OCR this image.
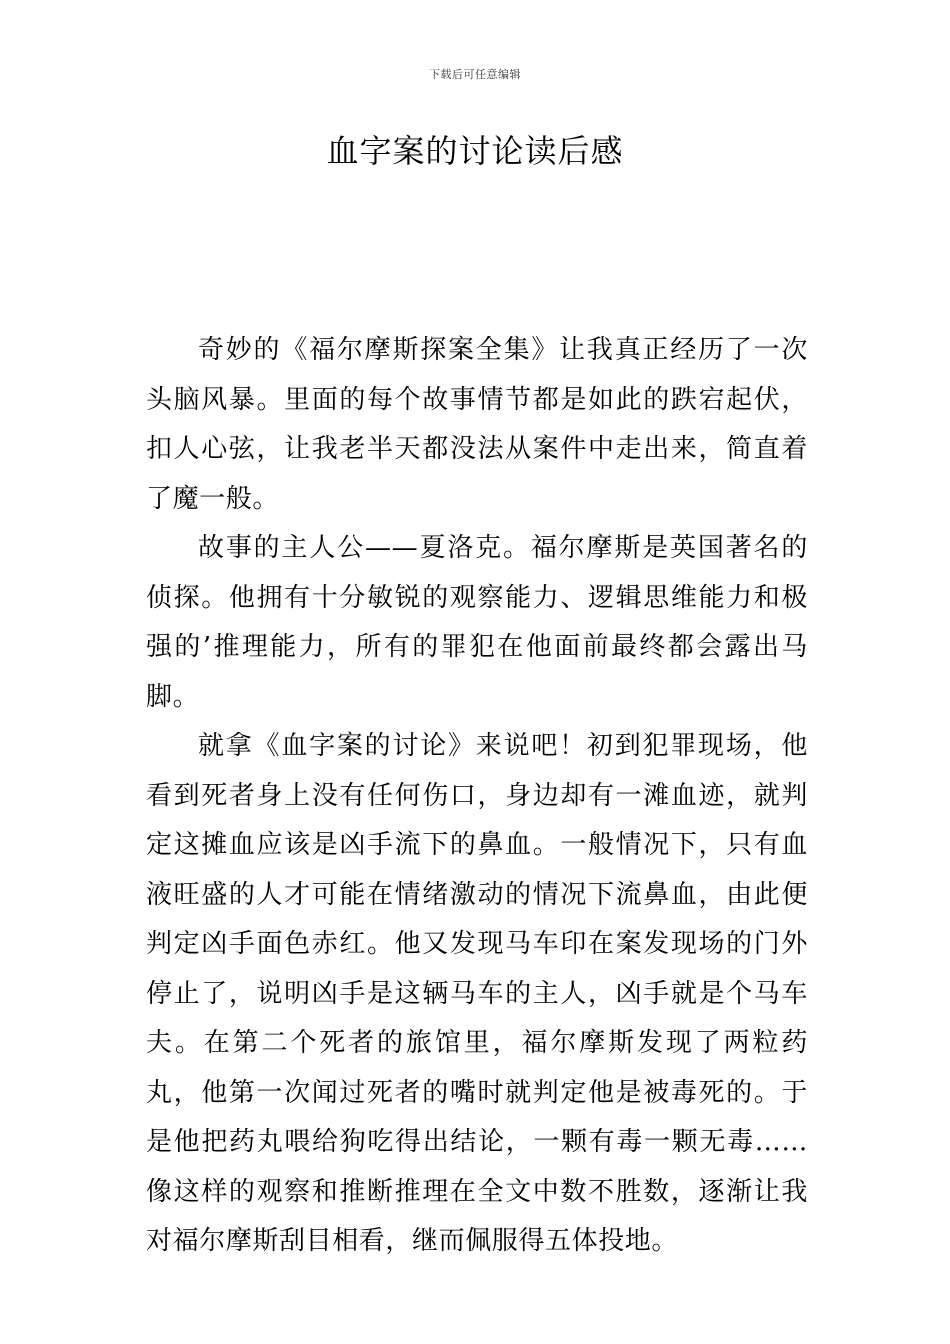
下载后可任意编辑
血字案的讨论读后感

奇妙的《福尔摩斯探案全集》让我真正经历了一次头脑风暴。里面的每个故事情节都是如此的跌宕起伏，扣人心弦，让我老半天都没法从案件中走出来，简直着了魔一般。

故事的主人公——夏洛克。福尔摩斯是英国著名的侦探。他拥有十分敏锐的观察能力、逻辑思维能力和极强的’推理能力，所有的罪犯在他面前最终都会露出马脚。

就拿《血字案的讨论》来说吧！初到犯罪现场，他看到死者身上没有任何伤口，身边却有一滩血迹，就判定这摊血应该是凶手流下的鼻血。一般情况下，只有血液旺盛的人才可能在情绪激动的情况下流鼻血，由此便判定凶手面色赤红。他又发现马车印在案发现场的门外停止了，说明凶手是这辆马车的主人，凶手就是个马车夫。在第二个死者的旅馆里，福尔摩斯发现了两粒药丸，他第一次闻过死者的嘴时就判定他是被毒死的。于是他把药丸喂给狗吃得出结论，一颗有毒一颗无毒……像这样的观察和推断推理在全文中数不胜数，逐渐让我对福尔摩斯刮目相看，继而佩服得五体投地。
